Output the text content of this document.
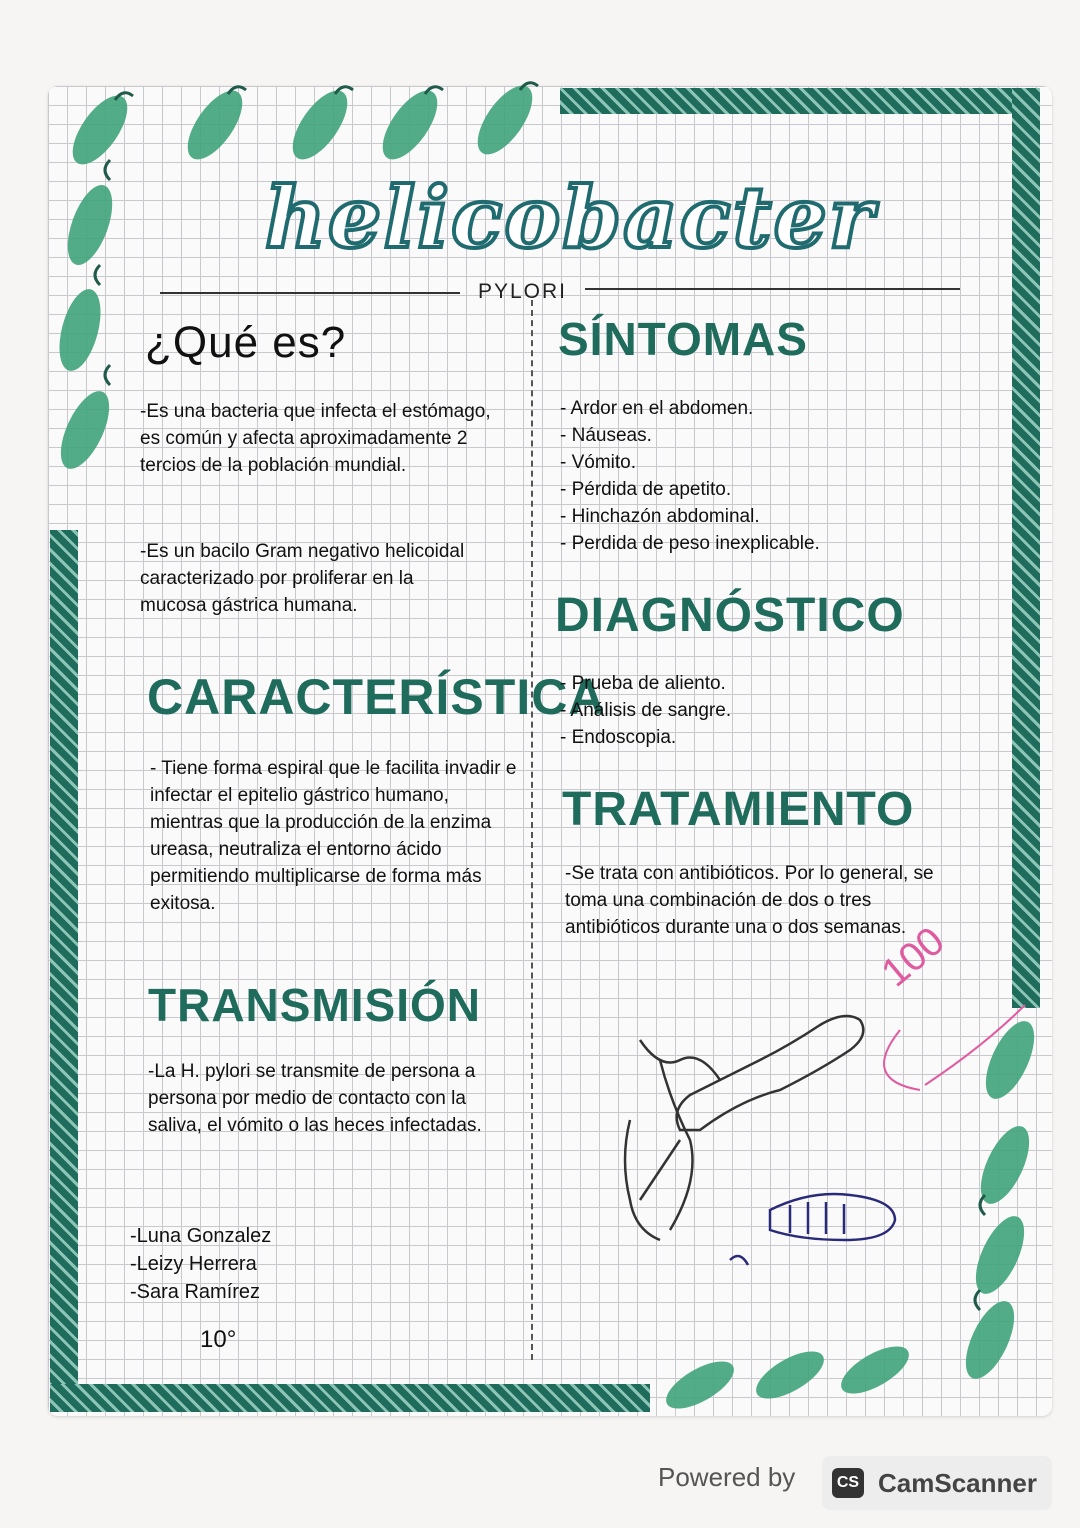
helicobacter
PYLORI
¿Qué es?
-Es una bacteria que infecta el estómago, es común y afecta aproximadamente 2 tercios de la población mundial.
-Es un bacilo Gram negativo helicoidal caracterizado por proliferar en la mucosa gástrica humana.
CARACTERÍSTICA
- Tiene forma espiral que le facilita invadir e infectar el epitelio gástrico humano, mientras que la producción de la enzima ureasa, neutraliza el entorno ácido permitiendo multiplicarse de forma más exitosa.
TRANSMISIÓN
-La H. pylori se transmite de persona a persona por medio de contacto con la saliva, el vómito o las heces infectadas.
-Luna Gonzalez
-Leizy Herrera
-Sara Ramírez
10°
SÍNTOMAS
- Ardor en el abdomen.
- Náuseas.
- Vómito.
- Pérdida de apetito.
- Hinchazón abdominal.
- Perdida de peso inexplicable.
DIAGNÓSTICO
- Prueba de aliento.
- Análisis de sangre.
- Endoscopia.
TRATAMIENTO
-Se trata con antibióticos. Por lo general, se toma una combinación de dos o tres antibióticos durante una o dos semanas.
100
Powered by	CS CamScanner
